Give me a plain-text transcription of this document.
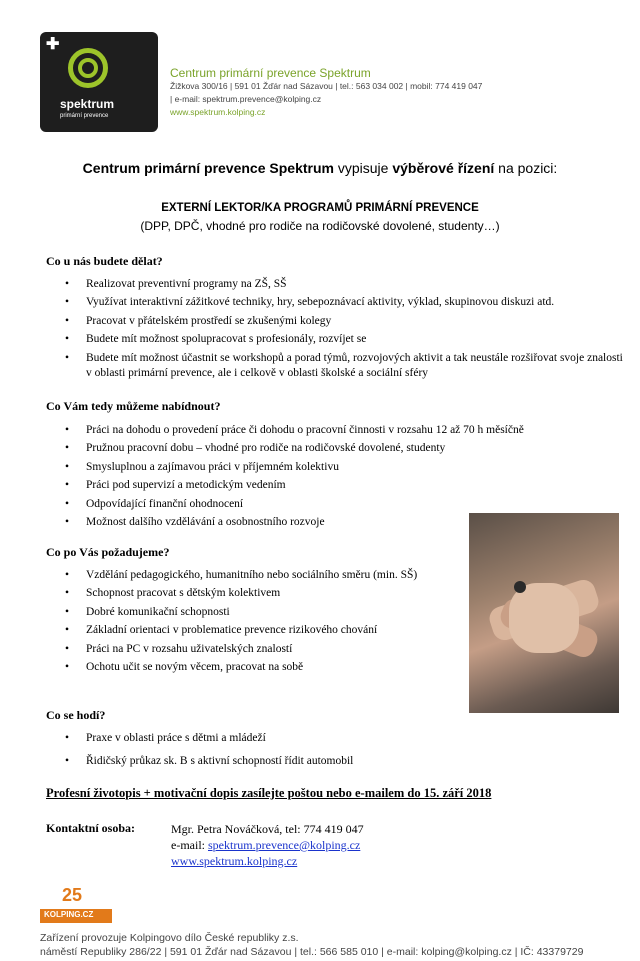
✚
spektrum
primární prevence
Centrum primární prevence Spektrum
Žižkova 300/16 | 591 01 Žďár nad Sázavou | tel.: 563 034 002 | mobil: 774 419 047
| e-mail: spektrum.prevence@kolping.cz
www.spektrum.kolping.cz
Centrum primární prevence Spektrum vypisuje výběrové řízení na pozici:
EXTERNÍ LEKTOR/KA PROGRAMŮ PRIMÁRNÍ PREVENCE
(DPP, DPČ, vhodné pro rodiče na rodičovské dovolené, studenty…)
Co u nás budete dělat?
• Realizovat preventivní programy na ZŠ, SŠ
• Využívat interaktivní zážitkové techniky, hry, sebepoznávací aktivity, výklad, skupinovou diskuzi atd.
• Pracovat v přátelském prostředí se zkušenými kolegy
• Budete mít možnost spolupracovat s profesionály, rozvíjet se
• Budete mít možnost účastnit se workshopů a porad týmů, rozvojových aktivit a tak neustále rozšiřovat svoje znalosti v oblasti primární prevence, ale i celkově v oblasti školské a sociální sféry
Co Vám tedy můžeme nabídnout?
• Práci na dohodu o provedení práce či dohodu o pracovní činnosti v rozsahu 12 až 70 h měsíčně
• Pružnou pracovní dobu – vhodné pro rodiče na rodičovské dovolené, studenty
• Smysluplnou a zajímavou práci v příjemném kolektivu
• Práci pod supervizí a metodickým vedením
• Odpovídající finanční ohodnocení
• Možnost dalšího vzdělávání a osobnostního rozvoje
Co po Vás požadujeme?
• Vzdělání pedagogického, humanitního nebo sociálního směru (min. SŠ)
• Schopnost pracovat s dětským kolektivem
• Dobré komunikační schopnosti
• Základní orientaci v problematice prevence rizikového chování
• Práci na PC v rozsahu uživatelských znalostí
• Ochotu učit se novým věcem, pracovat na sobě
Co se hodí?
• Praxe v oblasti práce s dětmi a mládeží
• Řidičský průkaz sk. B s aktivní schopností řídit automobil
Profesní životopis + motivační dopis zasílejte poštou nebo e-mailem do 15. září 2018
Kontaktní osoba:	Mgr. Petra Nováčková, tel: 774 419 047
e-mail: spektrum.prevence@kolping.cz
www.spektrum.kolping.cz
25
KOLPING.CZ
Zařízení provozuje Kolpingovo dílo České republiky z.s.
náměstí Republiky 286/22 | 591 01 Žďár nad Sázavou | tel.: 566 585 010 | e-mail: kolping@kolping.cz | IČ: 43379729
